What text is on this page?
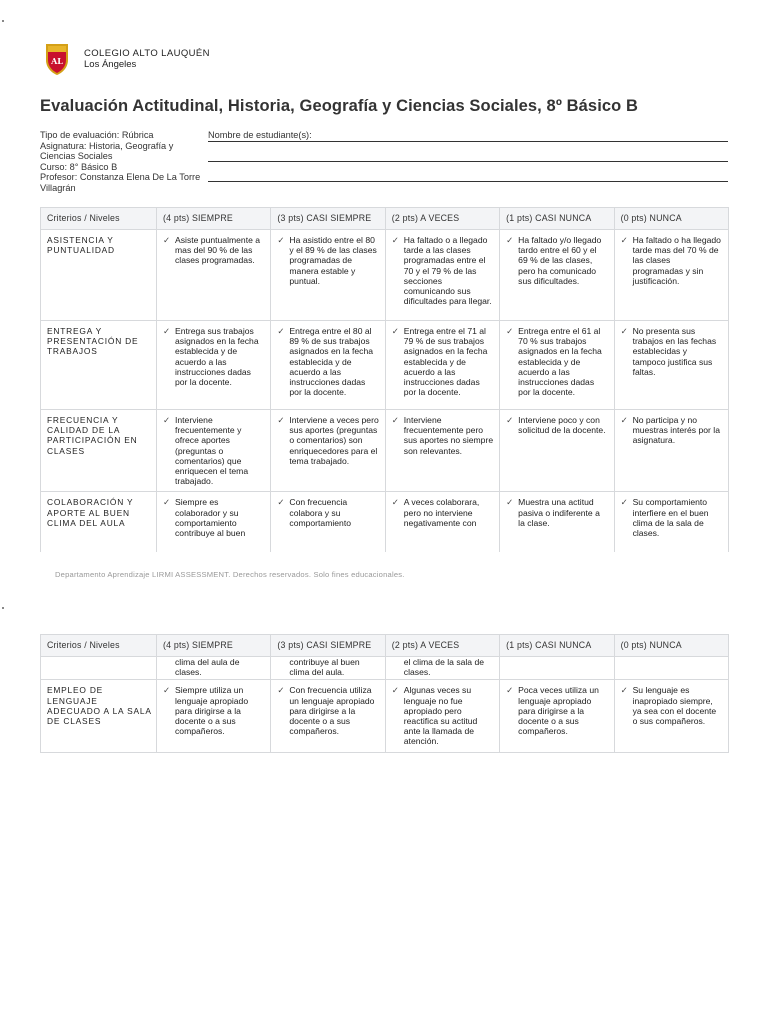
AL
COLEGIO ALTO LAUQUÉN
Los Ángeles
Evaluación Actitudinal, Historia, Geografía y Ciencias Sociales, 8º Básico B
Tipo de evaluación: Rúbrica
Asignatura: Historia, Geografía y Ciencias Sociales
Curso: 8° Básico B
Profesor: Constanza Elena De La Torre Villagrán
Nombre de estudiante(s):
Criterios / Niveles	(4 pts) SIEMPRE	(3 pts) CASI SIEMPRE	(2 pts) A VECES	(1 pts) CASI NUNCA	(0 pts) NUNCA
ASISTENCIA Y PUNTUALIDAD	✓ Asiste puntualmente a mas del 90 % de las clases programadas.	✓ Ha asistido entre el 80 y el 89 % de las clases programadas de manera estable y puntual.	✓ Ha faltado o a llegado tarde a las clases programadas entre el 70 y el 79 % de las secciones comunicando sus dificultades para llegar.	✓ Ha faltado y/o llegado tardo entre el 60 y el 69 % de las clases, pero ha comunicado sus dificultades.	✓ Ha faltado o ha llegado tarde mas del 70 % de las clases programadas y sin justificación.

ENTREGA Y PRESENTACIÓN DE TRABAJOS	✓ Entrega sus trabajos asignados en la fecha establecida y de acuerdo a las instrucciones dadas por la docente.	✓ Entrega entre el 80 al 89 % de sus trabajos asignados en la fecha establecida y de acuerdo a las instrucciones dadas por la docente.	✓ Entrega entre el 71 al 79 % de sus trabajos asignados en la fecha establecida y de acuerdo a las instrucciones dadas por la docente.	✓ Entrega entre el 61 al 70 % sus trabajos asignados en la fecha establecida y de acuerdo a las instrucciones dadas por la docente.	✓ No presenta sus trabajos en las fechas establecidas y tampoco justifica sus faltas.

FRECUENCIA Y CALIDAD DE LA PARTICIPACIÓN EN CLASES	✓ Interviene frecuentemente y ofrece aportes (preguntas o comentarios) que enriquecen el tema trabajado.	✓ Interviene a veces pero sus aportes (preguntas o comentarios) son enriquecedores para el tema trabajado.	✓ Interviene frecuentemente pero sus aportes no siempre son relevantes.	✓ Interviene poco y con solicitud de la docente.	✓ No participa y no muestras interés por la asignatura.

COLABORACIÓN Y APORTE AL BUEN CLIMA DEL AULA	✓ Siempre es colaborador y su comportamiento contribuye al buen	✓ Con frecuencia colabora y su comportamiento	✓ A veces colaborara, pero no interviene negativamente con	✓ Muestra una actitud pasiva o indiferente a la clase.	✓ Su comportamiento interfiere en el buen clima de la sala de clases.
Departamento Aprendizaje LIRMI ASSESSMENT. Derechos reservados. Solo fines educacionales.
Criterios / Niveles	(4 pts) SIEMPRE	(3 pts) CASI SIEMPRE	(2 pts) A VECES	(1 pts) CASI NUNCA	(0 pts) NUNCA
	clima del aula de clases.	contribuye al buen clima del aula.	el clima de la sala de clases.		
EMPLEO DE LENGUAJE ADECUADO A LA SALA DE CLASES	✓ Siempre utiliza un lenguaje apropiado para dirigirse a la docente o a sus compañeros.	✓ Con frecuencia utiliza un lenguaje apropiado para dirigirse a la docente o a sus compañeros.	✓ Algunas veces su lenguaje no fue apropiado pero reactifica su actitud ante la llamada de atención.	✓ Poca veces utiliza un lenguaje apropiado para dirigirse a la docente o a sus compañeros.	✓ Su lenguaje es inapropiado siempre, ya sea con el docente o sus compañeros.
